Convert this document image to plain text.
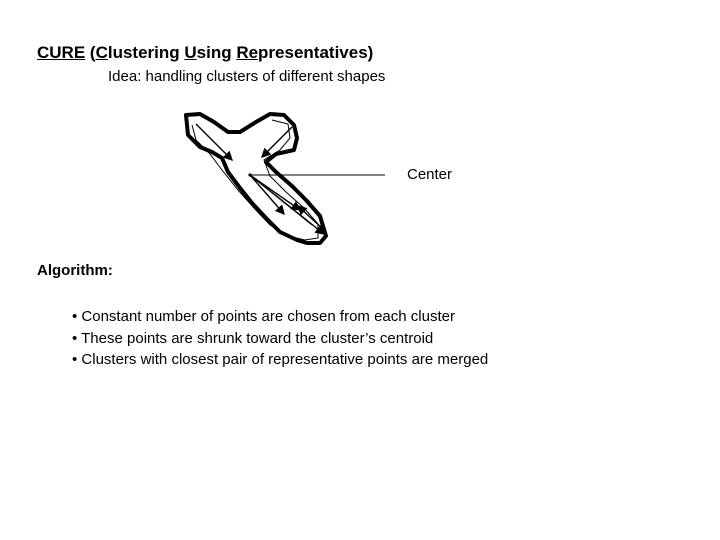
CURE (Clustering Using Representatives)
Idea: handling clusters of different shapes
Center
Algorithm:
• Constant number of points are chosen from each cluster
• These points are shrunk toward the cluster’s centroid
• Clusters with closest pair of representative points are merged
